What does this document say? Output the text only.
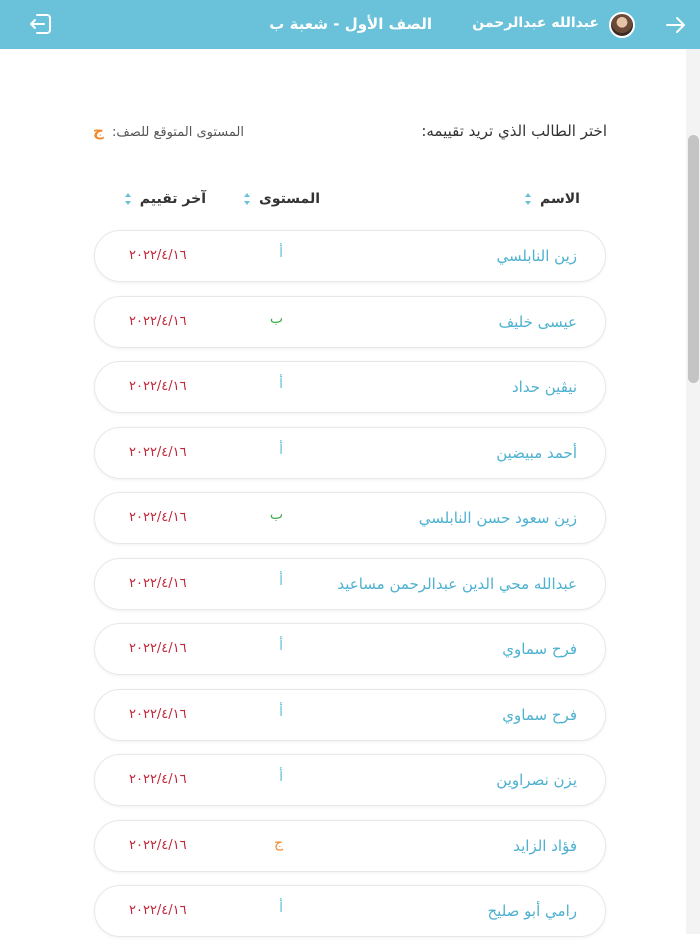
عبدالله عبدالرحمن
الصف الأول - شعبة ب
اختر الطالب الذي تريد تقييمه:
المستوى المتوقع للصف: ج
الاسم
المستوى
آخر تقييم
زين النابلسي
أ
٢٠٢٢/٤/١٦
عيسى خليف
ب
٢٠٢٢/٤/١٦
نيڤين حداد
أ
٢٠٢٢/٤/١٦
أحمد مبيضين
أ
٢٠٢٢/٤/١٦
زين سعود حسن النابلسي
ب
٢٠٢٢/٤/١٦
عبدالله محي الدين عبدالرحمن مساعيد
أ
٢٠٢٢/٤/١٦
فرح سماوي
أ
٢٠٢٢/٤/١٦
فرح سماوي
أ
٢٠٢٢/٤/١٦
يزن نصراوين
أ
٢٠٢٢/٤/١٦
فؤاد الزايد
ج
٢٠٢٢/٤/١٦
رامي أبو صليح
أ
٢٠٢٢/٤/١٦
